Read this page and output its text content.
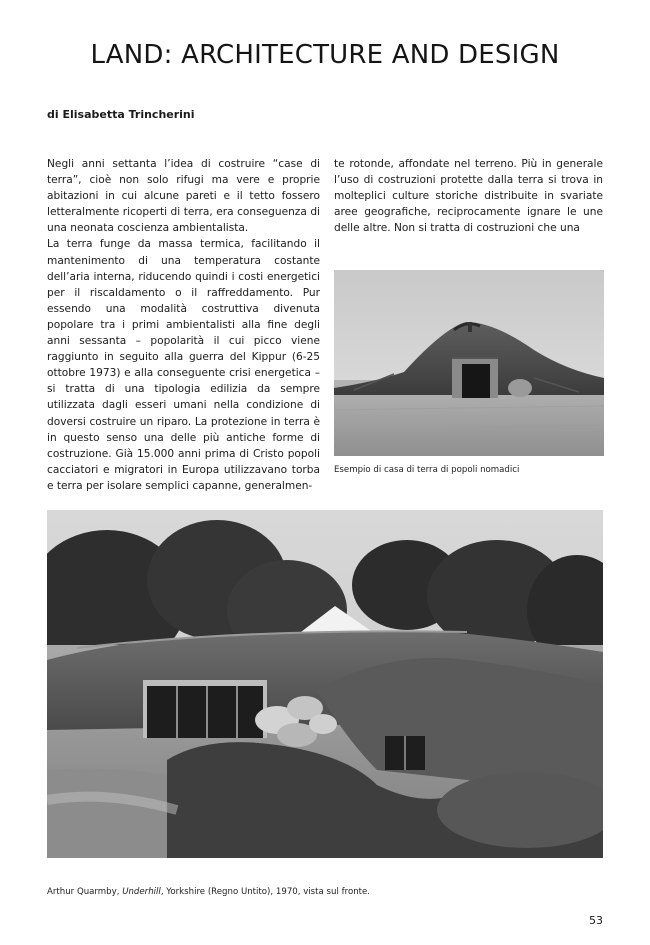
LAND: ARCHITECTURE AND DESIGN
di Elisabetta Trincherini

Negli anni settanta l’idea di costruire “case di terra”, cioè non solo rifugi ma vere e proprie abitazioni in cui alcune pareti e il tetto fossero letteralmente ricoperti di terra, era conseguenza di una neonata coscienza ambientalista.

La terra funge da massa termica, facilitando il mantenimento di una temperatura costante dell’aria interna, riducendo quindi i costi energetici per il riscaldamento o il raffreddamento. Pur essendo una modalità costruttiva divenuta popolare tra i primi ambientalisti alla fine degli anni sessanta – popolarità il cui picco viene raggiunto in seguito alla guerra del Kippur (6-25 ottobre 1973) e alla conseguente crisi energetica – si tratta di una tipologia edilizia da sempre utilizzata dagli esseri umani nella condizione di doversi costruire un riparo. La protezione in terra è in questo senso una delle più antiche forme di costruzione. Già 15.000 anni prima di Cristo popoli cacciatori e migratori in Europa utilizzavano torba e terra per isolare semplici capanne, generalmen-

te rotonde, affondate nel terreno. Più in generale l’uso di costruzioni protette dalla terra si trova in molteplici culture storiche distribuite in svariate aree geografiche, reciprocamente ignare le une delle altre. Non si tratta di costruzioni che una

Esempio di casa di terra di popoli nomadici
Arthur Quarmby, Underhill, Yorkshire (Regno Untito), 1970, vista sul fronte.
53
